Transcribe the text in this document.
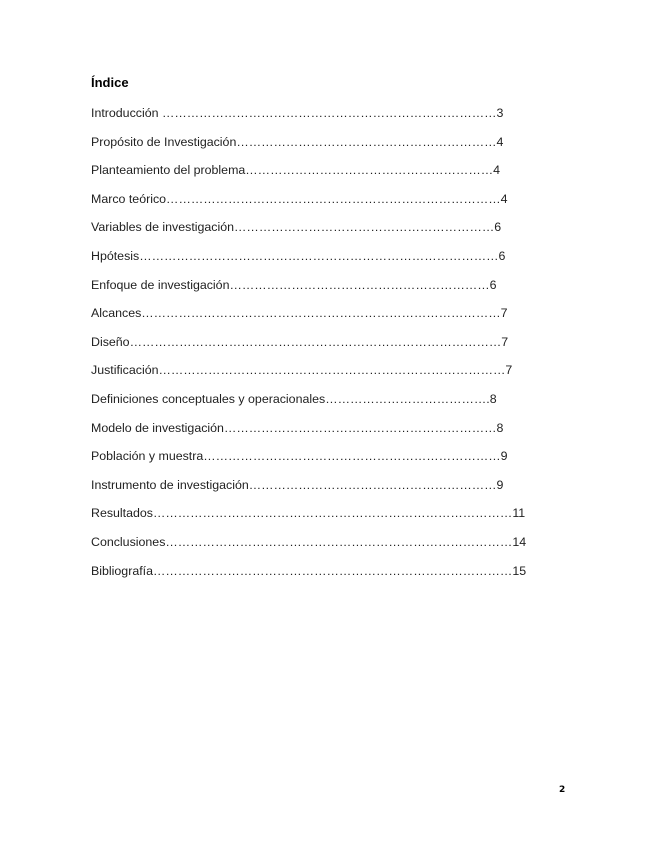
Índice
Introducción ………………………………………………………………………3
Propósito de Investigación………………………………………………………4
Planteamiento del problema……………………………………………………4
Marco teórico………………………………………………………………………4
Variables de investigación………………………………………………………6
Hpótesis……………………………………………………………………………6
Enfoque de investigación………………………………………………………6
Alcances……………………………………………………………………………7
Diseño………………………………………………………………………………7
Justificación…………………………………………………………………………7
Definiciones conceptuales y operacionales………………………………….8
Modelo de investigación…………………………………………………………8
Población y muestra………………………………………………………………9
Instrumento de investigación……………………………………………………9
Resultados……………………………………………………………………………11
Conclusiones…………………………………………………………………………14
Bibliografía……………………………………………………………………………15
2
